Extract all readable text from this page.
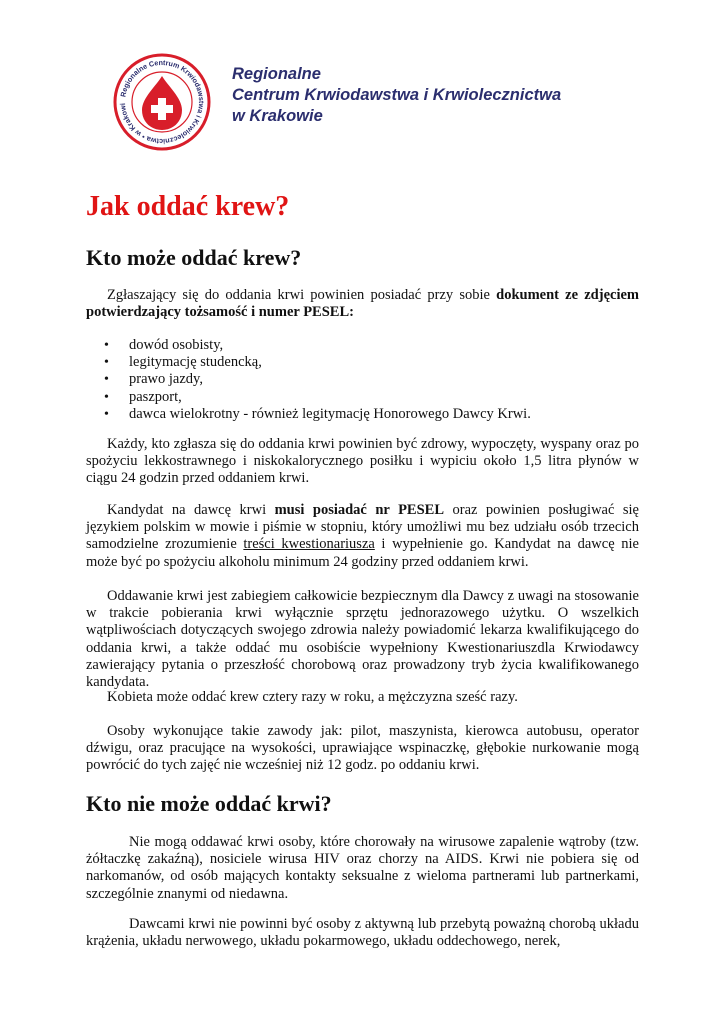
Regionalne Centrum Krwiodawstwa i Krwiolecznictwa • w Krakowi
Regionalne
Centrum Krwiodawstwa i Krwiolecznictwa
w Krakowie
Jak oddać krew?
Kto może oddać krew?

Zgłaszający się do oddania krwi powinien posiadać przy sobie dokument ze zdjęciem potwierdzający tożsamość i numer PESEL:

• dowód osobisty,
• legitymację studencką,
• prawo jazdy,
• paszport,
• dawca wielokrotny - również legitymację Honorowego Dawcy Krwi.

Każdy, kto zgłasza się do oddania krwi powinien być zdrowy, wypoczęty, wyspany oraz po spożyciu lekkostrawnego i niskokalorycznego posiłku i wypiciu około 1,5 litra płynów w ciągu 24 godzin przed oddaniem krwi.

Kandydat na dawcę krwi musi posiadać nr PESEL oraz powinien posługiwać się językiem polskim w mowie i piśmie w stopniu, który umożliwi mu bez udziału osób trzecich samodzielne zrozumienie treści kwestionariusza i wypełnienie go. Kandydat na dawcę nie może być po spożyciu alkoholu minimum 24 godziny przed oddaniem krwi.

Oddawanie krwi jest zabiegiem całkowicie bezpiecznym dla Dawcy z uwagi na stosowanie w trakcie pobierania krwi wyłącznie sprzętu jednorazowego użytku. O wszelkich wątpliwościach dotyczących swojego zdrowia należy powiadomić lekarza kwalifikującego do oddania krwi, a także oddać mu osobiście wypełniony Kwestionariuszdla Krwiodawcy zawierający pytania o przeszłość chorobową oraz prowadzony tryb życia kwalifikowanego kandydata.

Kobieta może oddać krew cztery razy w roku, a mężczyzna sześć razy.

Osoby wykonujące takie zawody jak: pilot, maszynista, kierowca autobusu, operator dźwigu, oraz pracujące na wysokości, uprawiające wspinaczkę, głębokie nurkowanie mogą powrócić do tych zajęć nie wcześniej niż 12 godz. po oddaniu krwi.

Kto nie może oddać krwi?

Nie mogą oddawać krwi osoby, które chorowały na wirusowe zapalenie wątroby (tzw. żółtaczkę zakaźną), nosiciele wirusa HIV oraz chorzy na AIDS. Krwi nie pobiera się od narkomanów, od osób mających kontakty seksualne z wieloma partnerami lub partnerkami, szczególnie znanymi od niedawna.

Dawcami krwi nie powinni być osoby z aktywną lub przebytą poważną chorobą układu krążenia, układu nerwowego, układu pokarmowego, układu oddechowego, nerek,
